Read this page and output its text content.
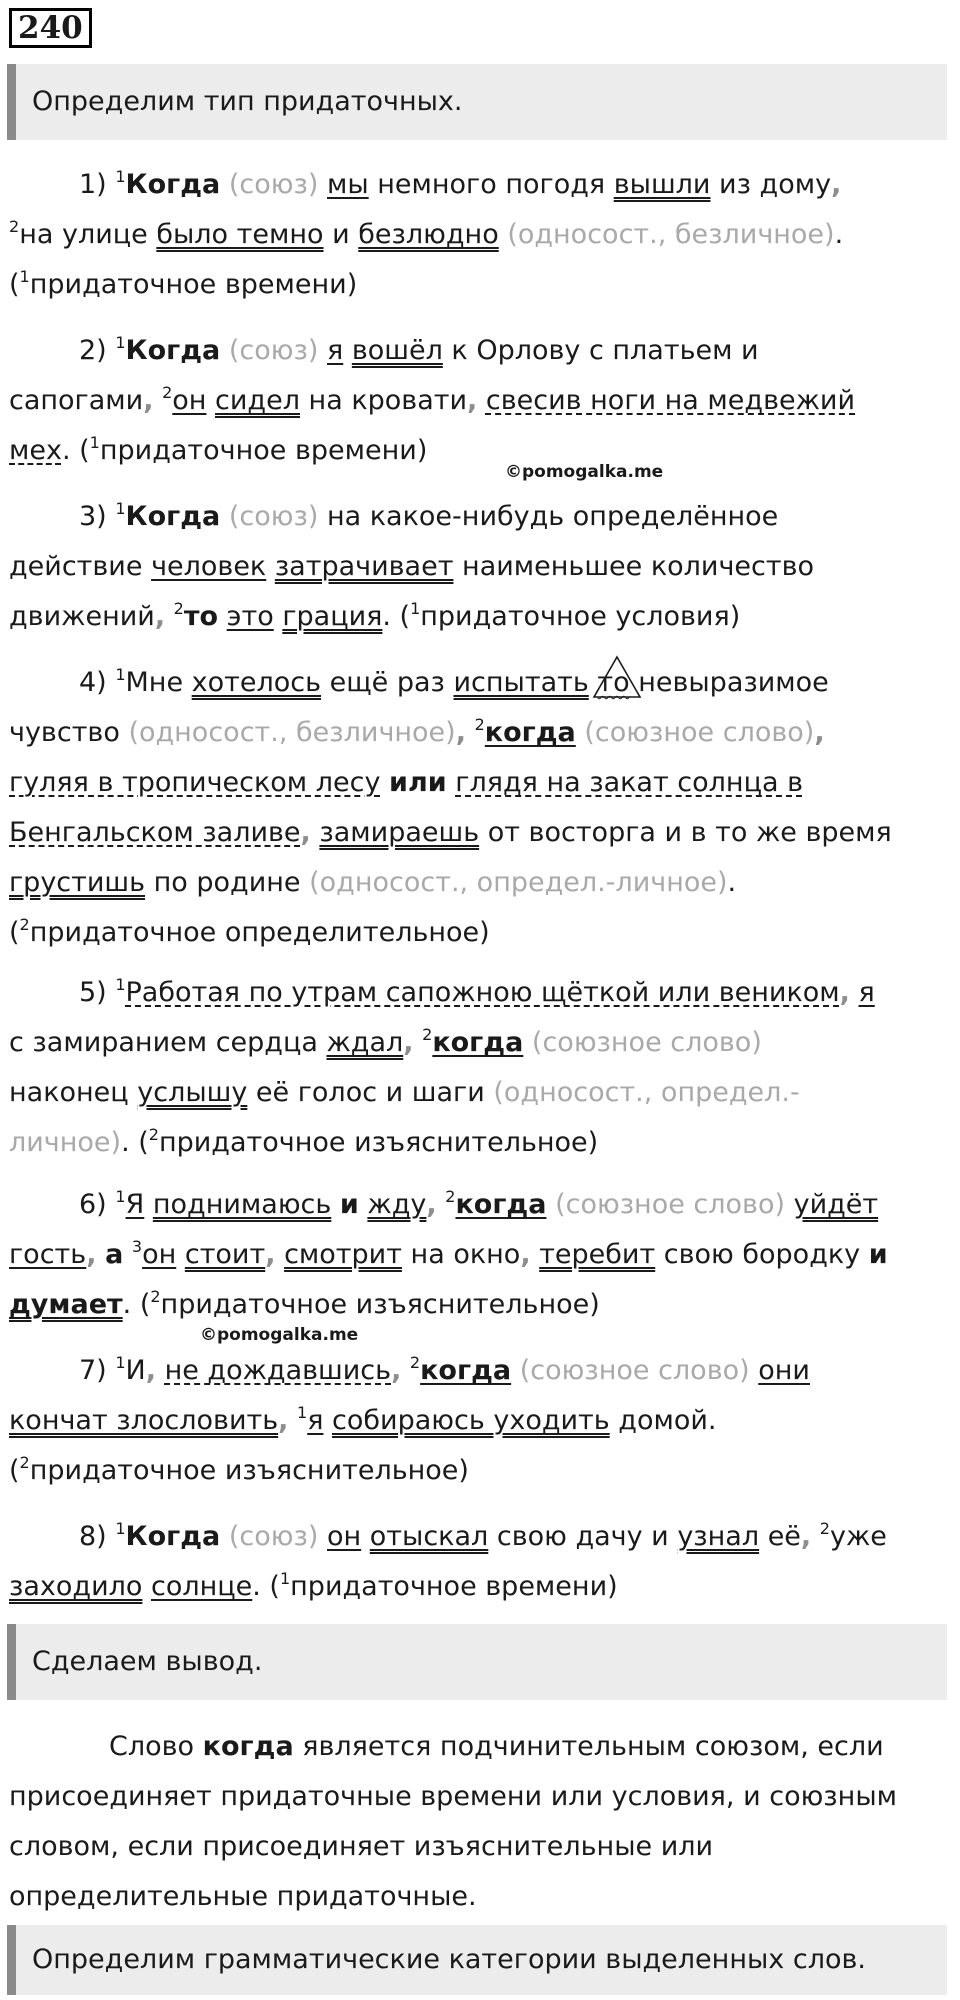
240
Определим тип придаточных.
1) $^1$Когда (союз) мы немного погодя вышли из дому,
$^2$на улице было темно и безлюдно (односост., безличное).
($^1$придаточное времени)
2) $^1$Когда (союз) я вошёл к Орлову с платьем и
сапогами, $^2$он сидел на кровати, свесив ноги на медвежий
мех. ($^1$придаточное времени)
©pomogalka.me
3) $^1$Когда (союз) на какое-нибудь определённое
действие человек затрачивает наименьшее количество
движений, $^2$то это грация. ($^1$придаточное условия)
4) $^1$Мне хотелось ещё раз испытать то
невыразимое
чувство (односост., безличное), $^2$когда (союзное слово),
гуляя в тропическом лесу или глядя на закат солнца в
Бенгальском заливе, замираешь от восторга и в то же время
грустишь по родине (односост., определ.-личное).
($^2$придаточное определительное)
5) $^1$Работая по утрам сапожною щёткой или веником, я
с замиранием сердца ждал, $^2$когда (союзное слово)
наконец услышу её голос и шаги (односост., определ.-
личное). ($^2$придаточное изъяснительное)
6) $^1$Я поднимаюсь и жду, $^2$когда (союзное слово) уйдёт
гость, а $^3$он стоит, смотрит на окно, теребит свою бородку и
думает. ($^2$придаточное изъяснительное)
©pomogalka.me
7) $^1$И, не дождавшись, $^2$когда (союзное слово) они
кончат злословить, $^1$я собираюсь уходить домой.
($^2$придаточное изъяснительное)
8) $^1$Когда (союз) он отыскал свою дачу и узнал её, $^2$уже
заходило солнце. ($^1$придаточное времени)
Сделаем вывод.
Слово когда является подчинительным союзом, если присоединяет придаточные времени или условия, и союзным словом, если присоединяет изъяснительные или определительные придаточные.
Определим грамматические категории выделенных слов.
